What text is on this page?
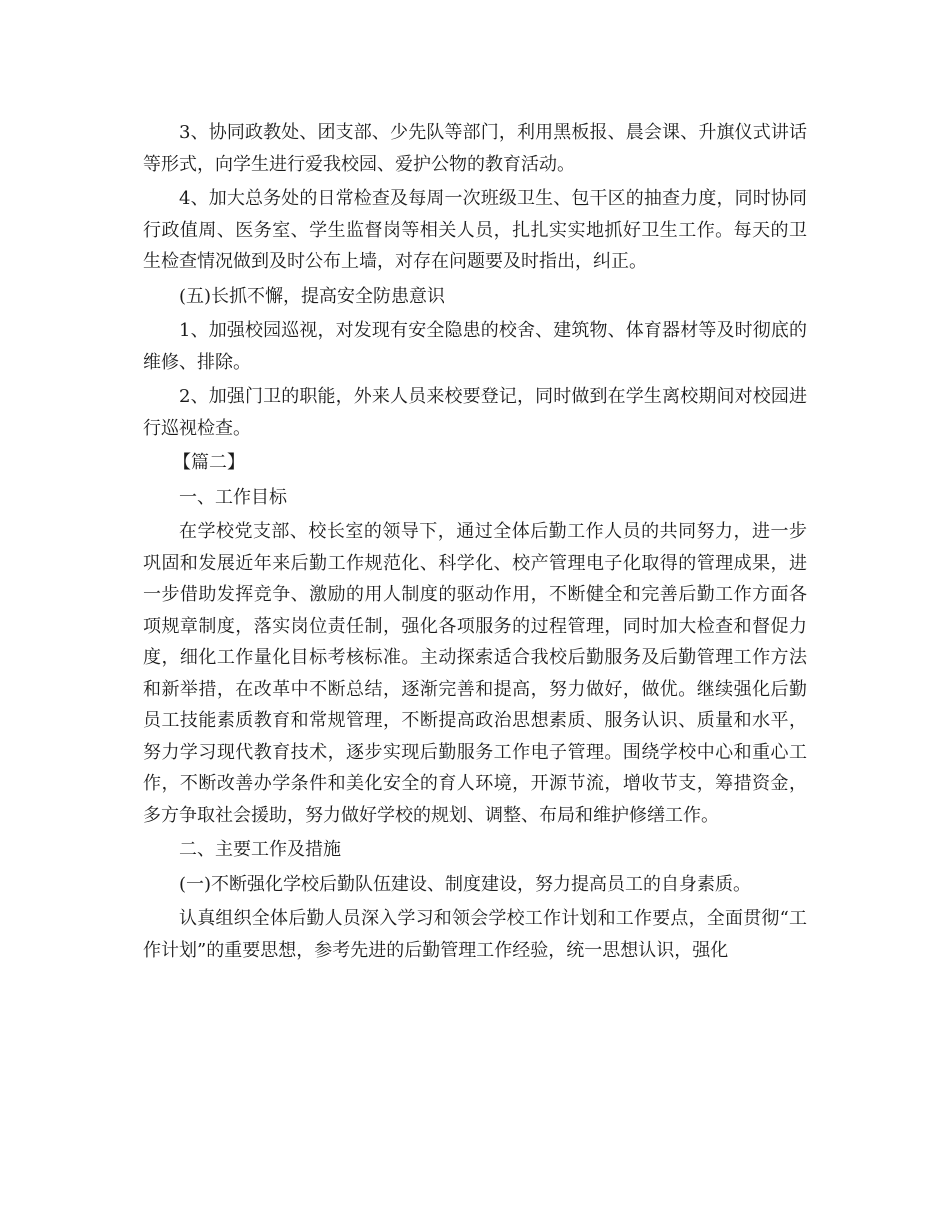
3、协同政教处、团支部、少先队等部门，利用黑板报、晨会课、升旗仪式讲话等形式，向学生进行爱我校园、爱护公物的教育活动。

4、加大总务处的日常检查及每周一次班级卫生、包干区的抽查力度，同时协同行政值周、医务室、学生监督岗等相关人员，扎扎实实地抓好卫生工作。每天的卫生检查情况做到及时公布上墙，对存在问题要及时指出，纠正。

(五)长抓不懈，提高安全防患意识

1、加强校园巡视，对发现有安全隐患的校舍、建筑物、体育器材等及时彻底的维修、排除。

2、加强门卫的职能，外来人员来校要登记，同时做到在学生离校期间对校园进行巡视检查。

【篇二】

一、工作目标

在学校党支部、校长室的领导下，通过全体后勤工作人员的共同努力，进一步巩固和发展近年来后勤工作规范化、科学化、校产管理电子化取得的管理成果，进一步借助发挥竞争、激励的用人制度的驱动作用，不断健全和完善后勤工作方面各项规章制度，落实岗位责任制，强化各项服务的过程管理，同时加大检查和督促力度，细化工作量化目标考核标准。主动探索适合我校后勤服务及后勤管理工作方法和新举措，在改革中不断总结，逐渐完善和提高，努力做好，做优。继续强化后勤员工技能素质教育和常规管理，不断提高政治思想素质、服务认识、质量和水平，努力学习现代教育技术，逐步实现后勤服务工作电子管理。围绕学校中心和重心工作，不断改善办学条件和美化安全的育人环境，开源节流，增收节支，筹措资金，多方争取社会援助，努力做好学校的规划、调整、布局和维护修缮工作。

二、主要工作及措施

(一)不断强化学校后勤队伍建设、制度建设，努力提高员工的自身素质。

认真组织全体后勤人员深入学习和领会学校工作计划和工作要点，全面贯彻“工作计划”的重要思想，参考先进的后勤管理工作经验，统一思想认识，强化
